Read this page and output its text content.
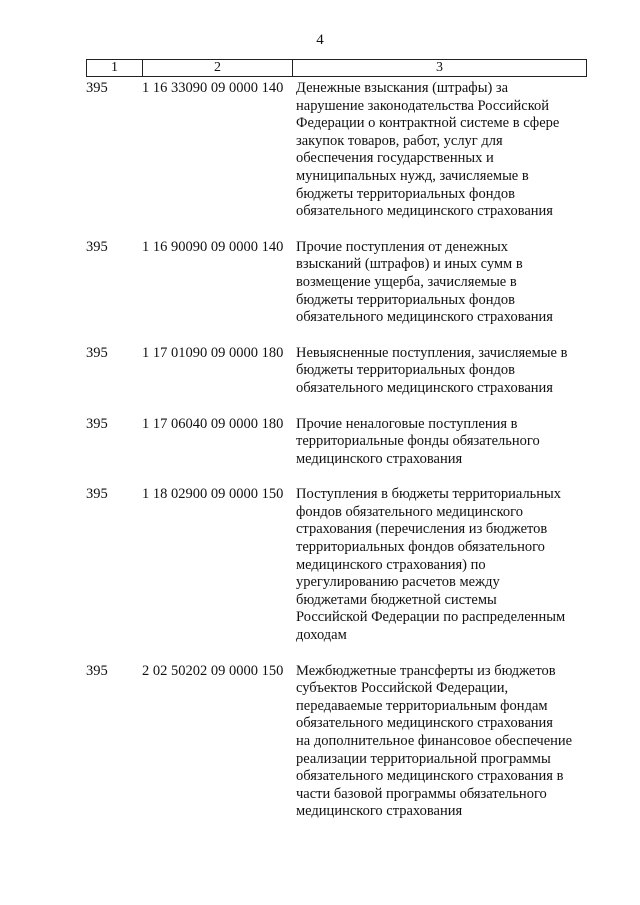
4
1	2	3
395	1 16 33090 09 0000 140 Денежные взыскания (штрафы) за
нарушение законодательства Российской
Федерации о контрактной системе в сфере
закупок товаров, работ, услуг для
обеспечения государственных и
муниципальных нужд, зачисляемые в
бюджеты территориальных фондов
обязательного медицинского страхования
395	1 16 90090 09 0000 140 Прочие поступления от денежных
взысканий (штрафов) и иных сумм в
возмещение ущерба, зачисляемые в
бюджеты территориальных фондов
обязательного медицинского страхования
395	1 17 01090 09 0000 180 Невыясненные поступления, зачисляемые в
бюджеты территориальных фондов
обязательного медицинского страхования
395	1 17 06040 09 0000 180 Прочие неналоговые поступления в
территориальные фонды обязательного
медицинского страхования
395	1 18 02900 09 0000 150 Поступления в бюджеты территориальных
фондов обязательного медицинского
страхования (перечисления из бюджетов
территориальных фондов обязательного
медицинского страхования) по
урегулированию расчетов между
бюджетами бюджетной системы
Российской Федерации по распределенным
доходам
395	2 02 50202 09 0000 150 Межбюджетные трансферты из бюджетов
субъектов Российской Федерации,
передаваемые территориальным фондам
обязательного медицинского страхования
на дополнительное финансовое обеспечение
реализации территориальной программы
обязательного медицинского страхования в
части базовой программы обязательного
медицинского страхования
